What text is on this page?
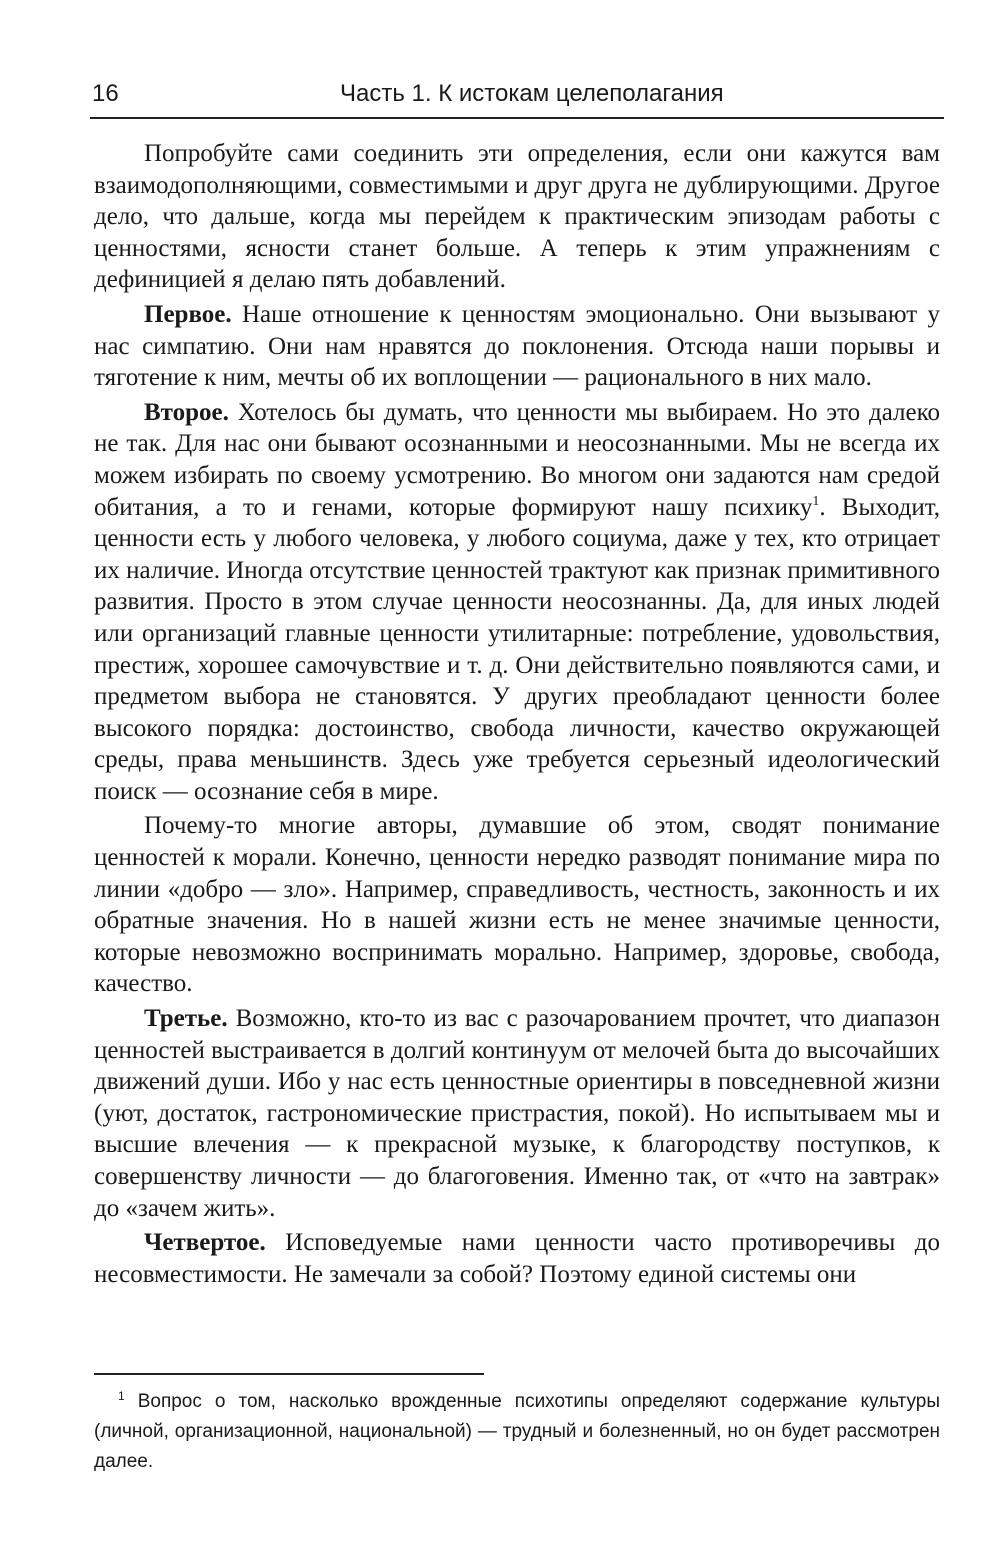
16	Часть 1. К истокам целеполагания

Попробуйте сами соединить эти определения, если они кажутся вам взаимодополняющими, совместимыми и друг друга не дублирующими. Другое дело, что дальше, когда мы перейдем к практическим эпизодам работы с ценностями, ясности станет больше. А теперь к этим упражнениям с дефиницией я делаю пять добавлений.

Первое. Наше отношение к ценностям эмоционально. Они вызывают у нас симпатию. Они нам нравятся до поклонения. Отсюда наши порывы и тяготение к ним, мечты об их воплощении — рационального в них мало.

Второе. Хотелось бы думать, что ценности мы выбираем. Но это далеко не так. Для нас они бывают осознанными и неосознанными. Мы не всегда их можем избирать по своему усмотрению. Во многом они задаются нам средой обитания, а то и генами, которые формируют нашу психику$^1$. Выходит, ценности есть у любого человека, у любого социума, даже у тех, кто отрицает их наличие. Иногда отсутствие ценностей трактуют как признак примитивного развития. Просто в этом случае ценности неосознанны. Да, для иных людей или организаций главные ценности утилитарные: потребление, удовольствия, престиж, хорошее самочувствие и т. д. Они действительно появляются сами, и предметом выбора не становятся. У других преобладают ценности более высокого порядка: достоинство, свобода личности, качество окружающей среды, права меньшинств. Здесь уже требуется серьезный идеологический поиск — осознание себя в мире.

Почему-то многие авторы, думавшие об этом, сводят понимание ценностей к морали. Конечно, ценности нередко разводят понимание мира по линии «добро — зло». Например, справедливость, честность, законность и их обратные значения. Но в нашей жизни есть не менее значимые ценности, которые невозможно воспринимать морально. Например, здоровье, свобода, качество.

Третье. Возможно, кто-то из вас с разочарованием прочтет, что диапазон ценностей выстраивается в долгий континуум от мелочей быта до высочайших движений души. Ибо у нас есть ценностные ориентиры в повседневной жизни (уют, достаток, гастрономические пристрастия, покой). Но испытываем мы и высшие влечения — к прекрасной музыке, к благородству поступков, к совершенству личности — до благоговения. Именно так, от «что на завтрак» до «зачем жить».

Четвертое. Исповедуемые нами ценности часто противоречивы до несовместимости. Не замечали за собой? Поэтому единой системы они

$^1$ Вопрос о том, насколько врожденные психотипы определяют содержание культуры (личной, организационной, национальной) — трудный и болезненный, но он будет рассмотрен далее.
